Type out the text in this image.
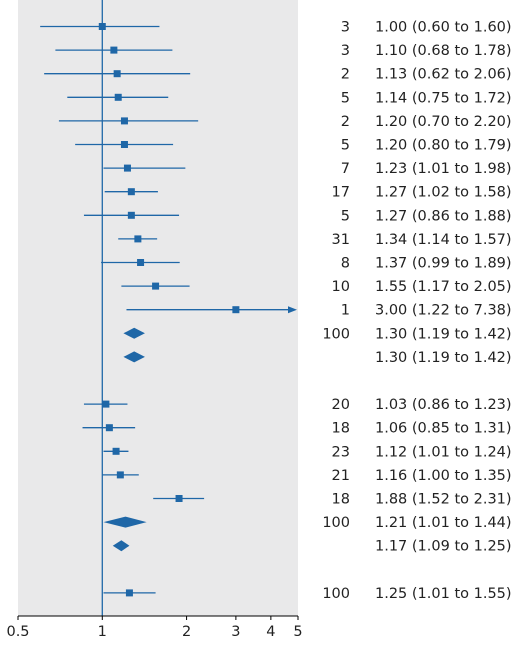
3 1.00 (0.60 to 1.60)
3 1.10 (0.68 to 1.78)
2 1.13 (0.62 to 2.06)
5 1.14 (0.75 to 1.72)
2 1.20 (0.70 to 2.20)
5 1.20 (0.80 to 1.79)
7 1.23 (1.01 to 1.98)
17 1.27 (1.02 to 1.58)
5 1.27 (0.86 to 1.88)
31 1.34 (1.14 to 1.57)
8 1.37 (0.99 to 1.89)
10 1.55 (1.17 to 2.05)
1 3.00 (1.22 to 7.38)
100 1.30 (1.19 to 1.42)
1.30 (1.19 to 1.42)
20 1.03 (0.86 to 1.23)
18 1.06 (0.85 to 1.31)
23 1.12 (1.01 to 1.24)
21 1.16 (1.00 to 1.35)
18 1.88 (1.52 to 2.31)
100 1.21 (1.01 to 1.44)
1.17 (1.09 to 1.25)
100 1.25 (1.01 to 1.55)
0.5	1	2	3 4 5
